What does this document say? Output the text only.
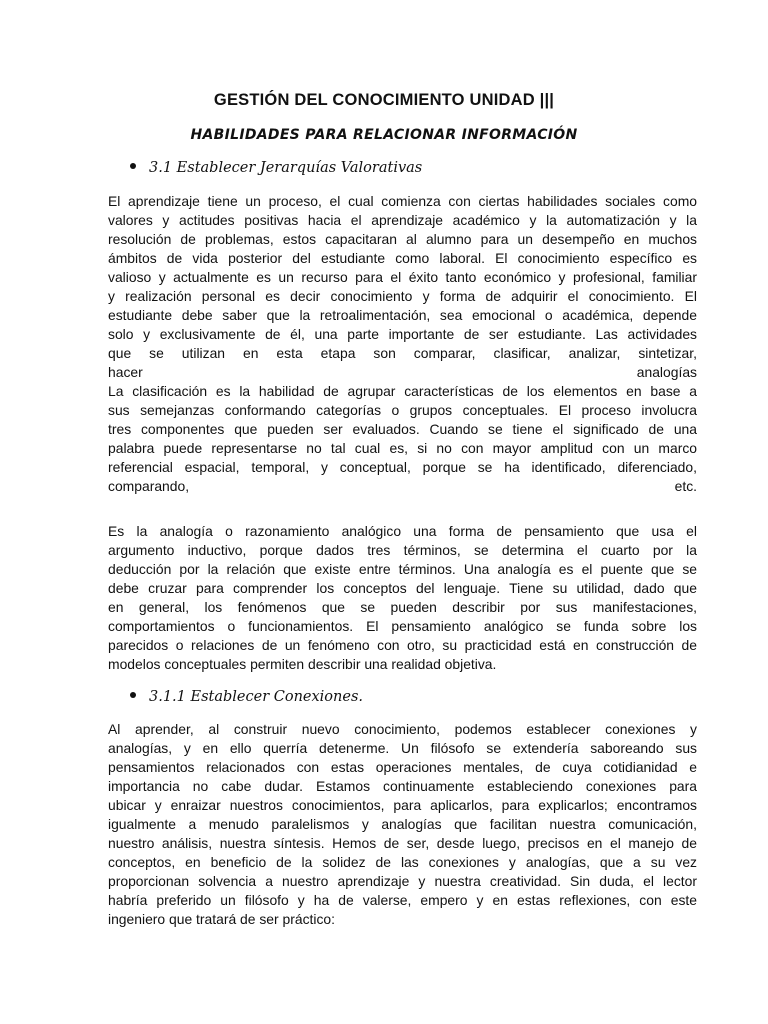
GESTIÓN DEL CONOCIMIENTO UNIDAD |||
HABILIDADES PARA RELACIONAR INFORMACIÓN
3.1 Establecer Jerarquías Valorativas
El aprendizaje tiene un proceso, el cual comienza con ciertas habilidades sociales como
valores y actitudes positivas hacia el aprendizaje académico y la automatización y la
resolución de problemas, estos capacitaran al alumno para un desempeño en muchos
ámbitos de vida posterior del estudiante como laboral. El conocimiento específico es
valioso y actualmente es un recurso para el éxito tanto económico y profesional, familiar
y realización personal es decir conocimiento y forma de adquirir el conocimiento. El
estudiante debe saber que la retroalimentación, sea emocional o académica, depende
solo y exclusivamente de él, una parte importante de ser estudiante. Las actividades
que se utilizan en esta etapa son comparar, clasificar, analizar, sintetizar,
hacer	analogías
La clasificación es la habilidad de agrupar características de los elementos en base a
sus semejanzas conformando categorías o grupos conceptuales. El proceso involucra
tres componentes que pueden ser evaluados. Cuando se tiene el significado de una
palabra puede representarse no tal cual es, si no con mayor amplitud con un marco
referencial espacial, temporal, y conceptual, porque se ha identificado, diferenciado,
comparando,	etc.
Es la analogía o razonamiento analógico una forma de pensamiento que usa el
argumento inductivo, porque dados tres términos, se determina el cuarto por la
deducción por la relación que existe entre términos. Una analogía es el puente que se
debe cruzar para comprender los conceptos del lenguaje. Tiene su utilidad, dado que
en general, los fenómenos que se pueden describir por sus manifestaciones,
comportamientos o funcionamientos. El pensamiento analógico se funda sobre los
parecidos o relaciones de un fenómeno con otro, su practicidad está en construcción de
modelos conceptuales permiten describir una realidad objetiva.
3.1.1 Establecer Conexiones.
Al aprender, al construir nuevo conocimiento, podemos establecer conexiones y
analogías, y en ello querría detenerme. Un filósofo se extendería saboreando sus
pensamientos relacionados con estas operaciones mentales, de cuya cotidianidad e
importancia no cabe dudar. Estamos continuamente estableciendo conexiones para
ubicar y enraizar nuestros conocimientos, para aplicarlos, para explicarlos; encontramos
igualmente a menudo paralelismos y analogías que facilitan nuestra comunicación,
nuestro análisis, nuestra síntesis. Hemos de ser, desde luego, precisos en el manejo de
conceptos, en beneficio de la solidez de las conexiones y analogías, que a su vez
proporcionan solvencia a nuestro aprendizaje y nuestra creatividad. Sin duda, el lector
habría preferido un filósofo y ha de valerse, empero y en estas reflexiones, con este
ingeniero que tratará de ser práctico:
